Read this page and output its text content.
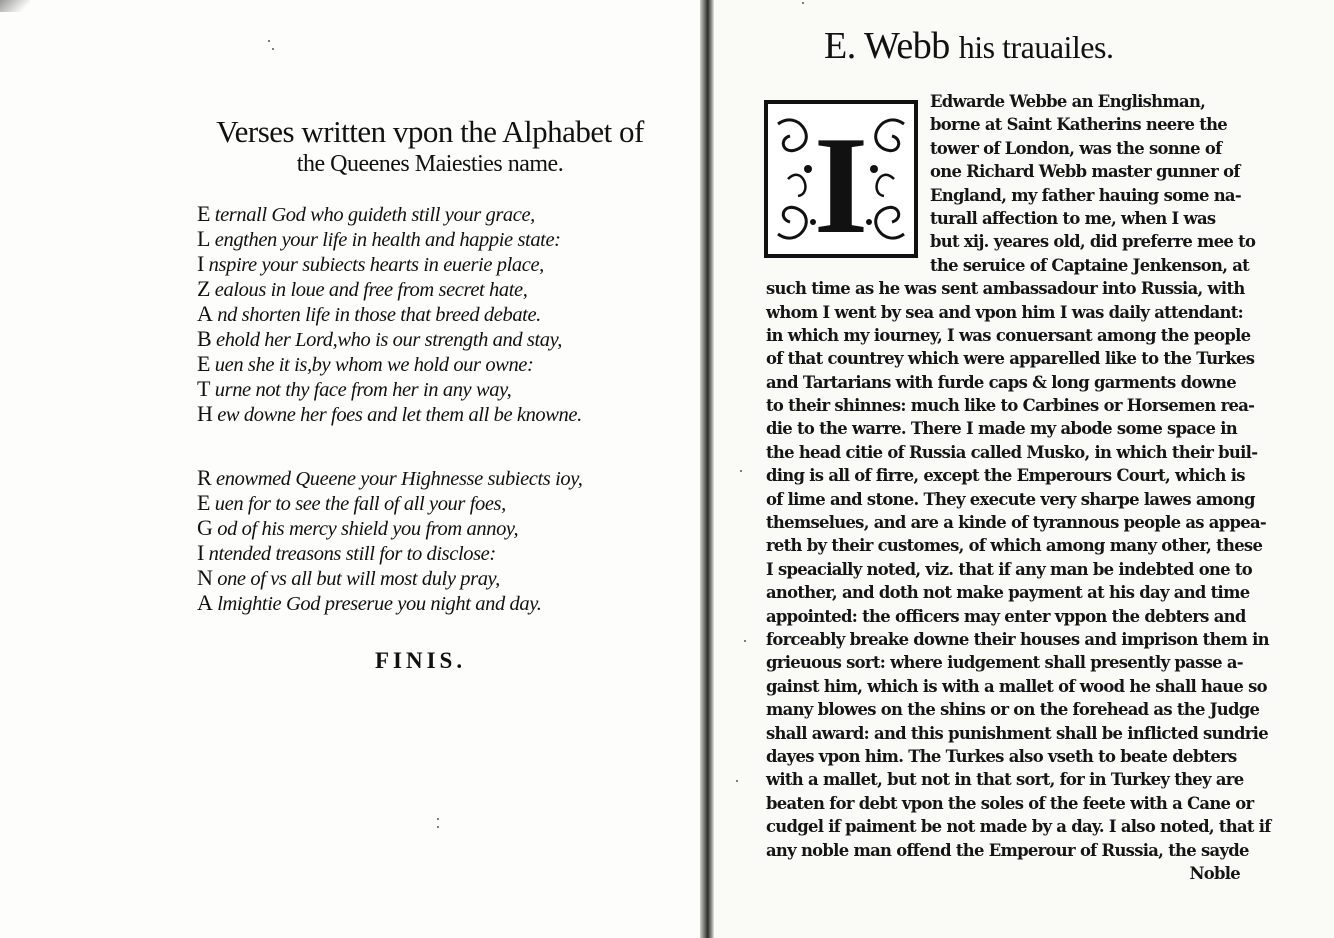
Verses written vpon the Alphabet of
the Queenes Maiesties name.
E ternall God who guideth still your grace,
L engthen your life in health and happie state:
I nspire your subiects hearts in euerie place,
Z ealous in loue and free from secret hate,
A nd shorten life in those that breed debate.
B ehold her Lord,who is our strength and stay,
E uen she it is,by whom we hold our owne:
T urne not thy face from her in any way,
H ew downe her foes and let them all be knowne.
R enowmed Queene your Highnesse subiects ioy,
E uen for to see the fall of all your foes,
G od of his mercy shield you from annoy,
I ntended treasons still for to disclose:
N one of vs all but will most duly pray,
A lmightie God preserue you night and day.
FINIS.
E. Webb his trauailes.
I
Edwarde Webbe an Englishman,
borne at Saint Katherins neere the
tower of London, was the sonne of
one Richard Webb master gunner of
England, my father hauing some na-
turall affection to me, when I was
but xij. yeares old, did preferre mee to
the seruice of Captaine Jenkenson, at
such time as he was sent ambassadour into Russia, with
whom I went by sea and vpon him I was daily attendant:
in which my iourney, I was conuersant among the people
of that countrey which were apparelled like to the Turkes
and Tartarians with furde caps & long garments downe
to their shinnes: much like to Carbines or Horsemen rea-
die to the warre. There I made my abode some space in
the head citie of Russia called Musko, in which their buil-
ding is all of firre, except the Emperours Court, which is
of lime and stone. They execute very sharpe lawes among
themselues, and are a kinde of tyrannous people as appea-
reth by their customes, of which among many other, these
I speacially noted, viz. that if any man be indebted one to
another, and doth not make payment at his day and time
appointed: the officers may enter vppon the debters and
forceably breake downe their houses and imprison them in
grieuous sort: where iudgement shall presently passe a-
gainst him, which is with a mallet of wood he shall haue so
many blowes on the shins or on the forehead as the Judge
shall award: and this punishment shall be inflicted sundrie
dayes vpon him. The Turkes also vseth to beate debters
with a mallet, but not in that sort, for in Turkey they are
beaten for debt vpon the soles of the feete with a Cane or
cudgel if paiment be not made by a day. I also noted, that if
any noble man offend the Emperour of Russia, the sayde
Noble
